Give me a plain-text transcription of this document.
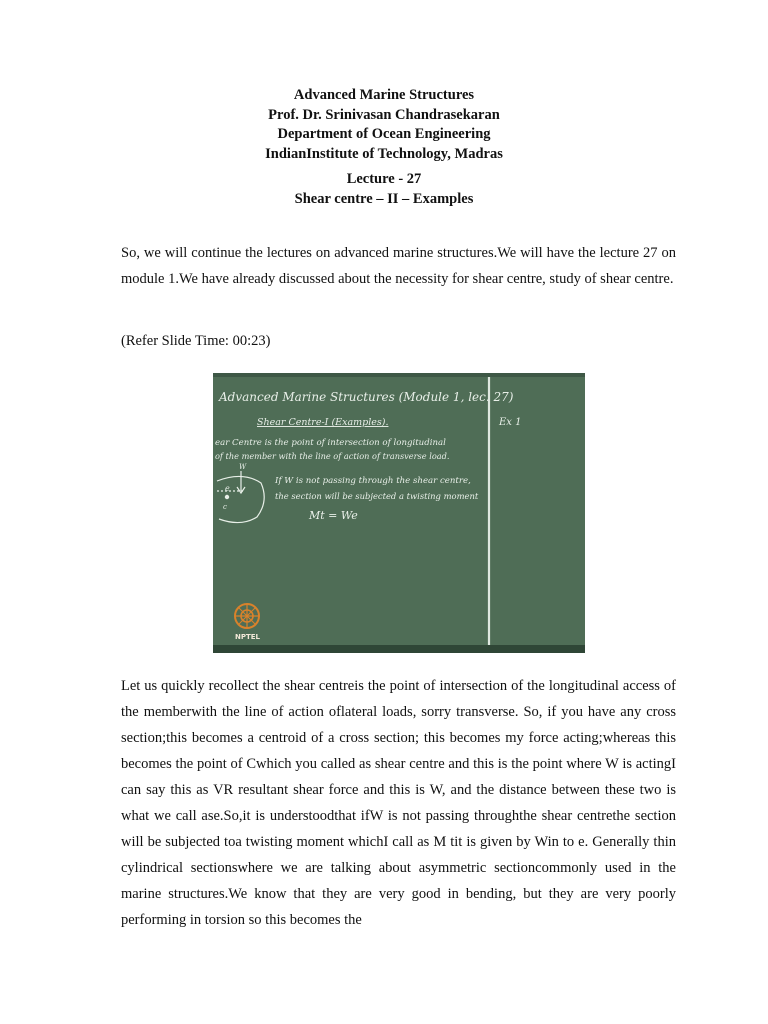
Advanced Marine Structures
Prof. Dr. Srinivasan Chandrasekaran
Department of Ocean Engineering
IndianInstitute of Technology, Madras
Lecture - 27
Shear centre – II – Examples

So, we will continue the lectures on advanced marine structures.We will have the lecture 27 on module 1.We have already discussed about the necessity for shear centre, study of shear centre.

(Refer Slide Time: 00:23)
Advanced Marine Structures (Module 1, lec. 27)
Shear Centre-I (Examples).
ear Centre is the point of intersection of longitudinal
of the member with the line of action of transverse load.
If W is not passing through the shear centre,
the section will be subjected a twisting moment
Mt = We
Ex 1
W
e
c
NPTEL

Let us quickly recollect the shear centreis the point of intersection of the longitudinal access of the memberwith the line of action oflateral loads, sorry transverse. So, if you have any cross section;this becomes a centroid of a cross section; this becomes my force acting;whereas this becomes the point of Cwhich you called as shear centre and this is the point where W is actingI can say this as VR resultant shear force and this is W, and the distance between these two is what we call ase.So,it is understoodthat ifW is not passing throughthe shear centrethe section will be subjected toa twisting moment whichI call as M tit is given by Win to e. Generally thin cylindrical sectionswhere we are talking about asymmetric sectioncommonly used in the marine structures.We know that they are very good in bending, but they are very poorly performing in torsion so this becomes the
